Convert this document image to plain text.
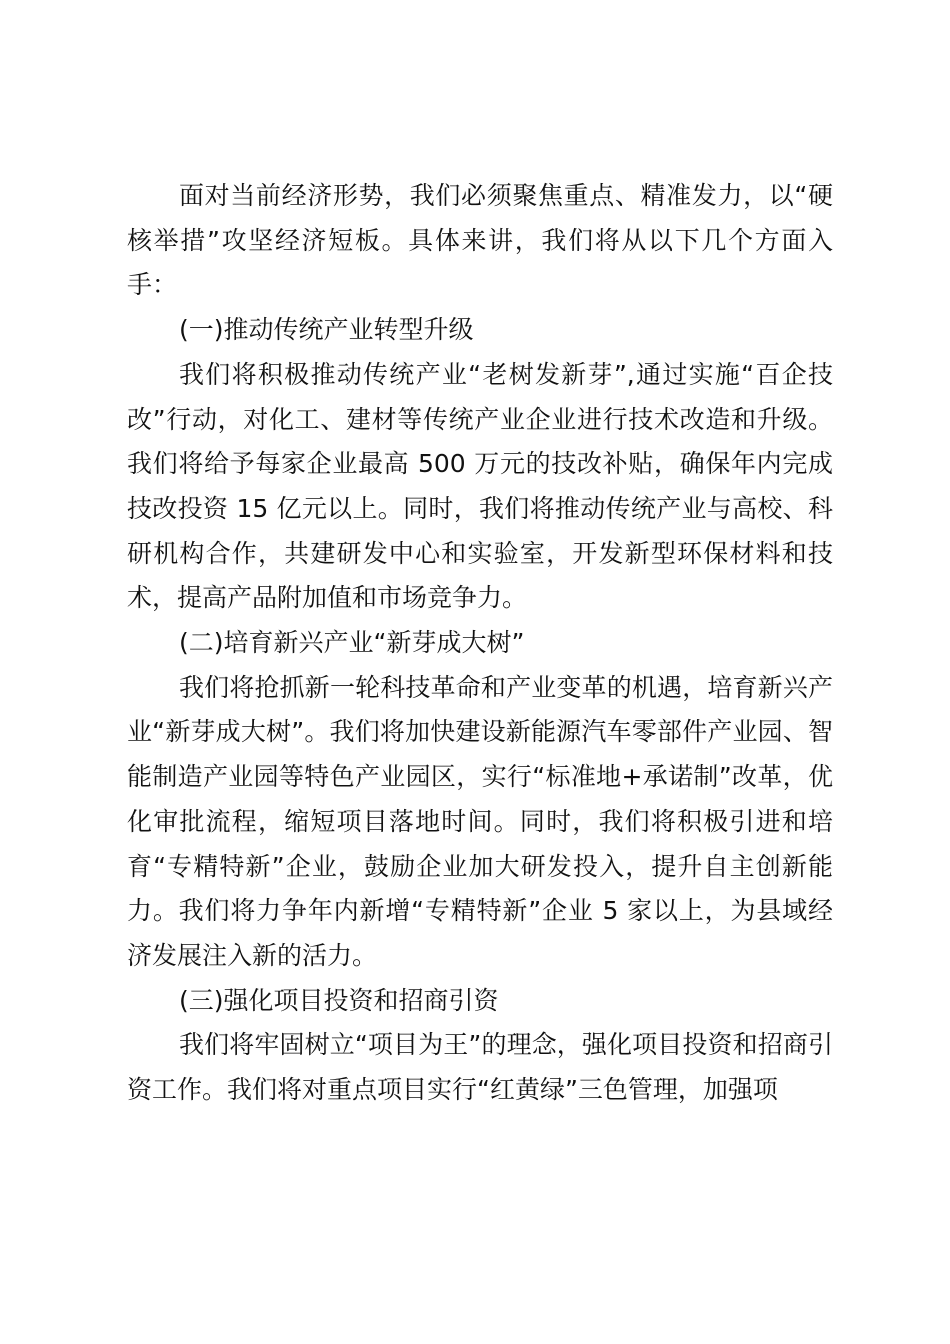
面对当前经济形势，我们必须聚焦重点、精准发力，以“硬核举措”攻坚经济短板。具体来讲，我们将从以下几个方面入手：

(一)推动传统产业转型升级

我们将积极推动传统产业“老树发新芽”,通过实施“百企技改”行动，对化工、建材等传统产业企业进行技术改造和升级。我们将给予每家企业最高 500 万元的技改补贴，确保年内完成技改投资 15 亿元以上。同时，我们将推动传统产业与高校、科研机构合作，共建研发中心和实验室，开发新型环保材料和技术，提高产品附加值和市场竞争力。

(二)培育新兴产业“新芽成大树”

我们将抢抓新一轮科技革命和产业变革的机遇，培育新兴产业“新芽成大树”。我们将加快建设新能源汽车零部件产业园、智能制造产业园等特色产业园区，实行“标准地+承诺制”改革，优化审批流程，缩短项目落地时间。同时，我们将积极引进和培育“专精特新”企业，鼓励企业加大研发投入，提升自主创新能力。我们将力争年内新增“专精特新”企业 5 家以上，为县域经济发展注入新的活力。

(三)强化项目投资和招商引资

我们将牢固树立“项目为王”的理念，强化项目投资和招商引资工作。我们将对重点项目实行“红黄绿”三色管理，加强项
